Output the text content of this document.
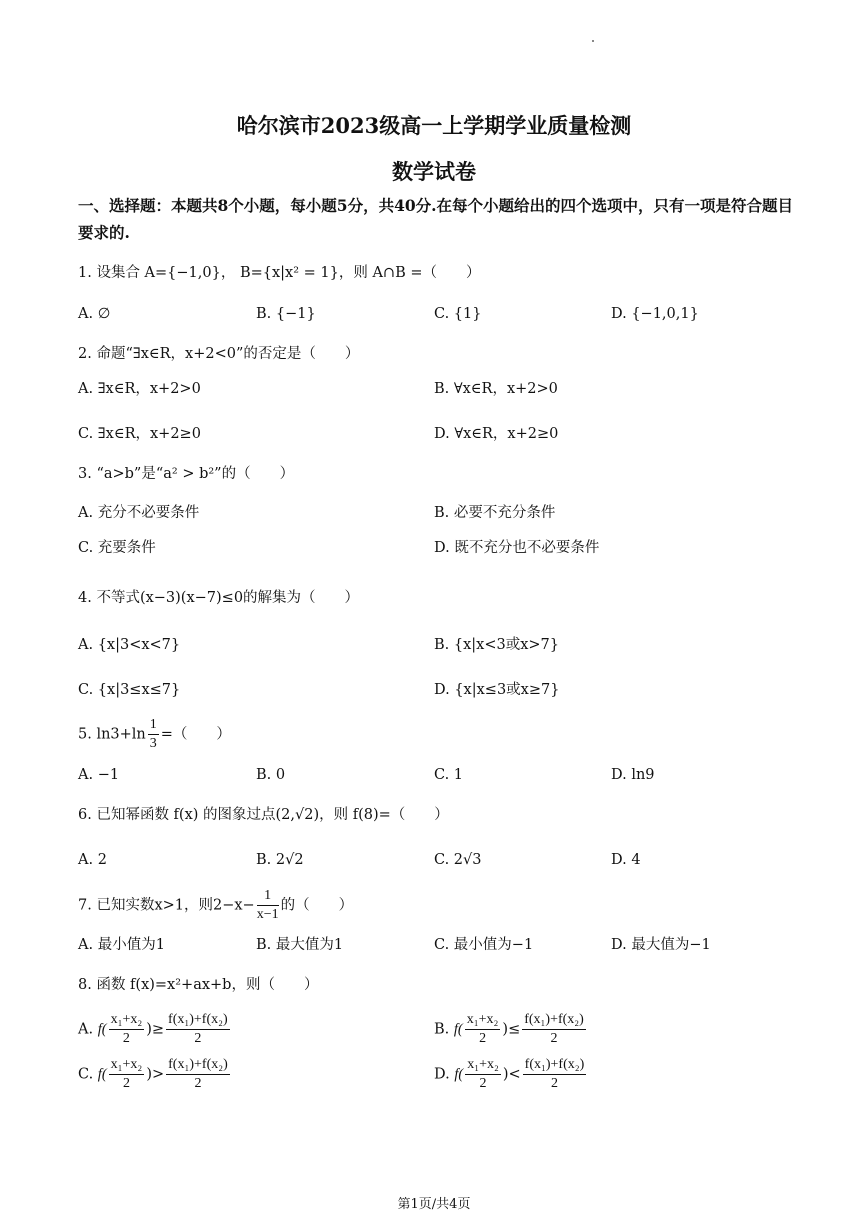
哈尔滨市2023级高一上学期学业质量检测
数学试卷
一、选择题：本题共8个小题，每小题5分，共40分.在每个小题给出的四个选项中，只有一项是符合题目要求的.
1. 设集合 A={−1,0}， B={x|x² = 1}，则 A∩B =（　　）
A. ∅	B. {−1}	C. {1}	D. {−1,0,1}
2. 命题“∃x∈R，x+2<0”的否定是（　　）
A. ∃x∈R，x+2>0	B. ∀x∈R，x+2>0
C. ∃x∈R，x+2≥0	D. ∀x∈R，x+2≥0
3. “a>b”是“a² > b²”的（　　）
A. 充分不必要条件	B. 必要不充分条件
C. 充要条件	D. 既不充分也不必要条件
4. 不等式(x−3)(x−7)≤0的解集为（　　）
A. {x|3<x<7}	B. {x|x<3或x>7}
C. {x|3≤x≤7}	D. {x|x≤3或x≥7}
5. $\ln 3+\ln \frac{1}{3}$ =（　　）
A. −1	B. 0	C. 1	D. ln9
6. 已知幂函数 f(x) 的图象过点(2,√2)，则 f(8)=（　　）
A. 2	B. 2√2	C. 2√3	D. 4
7. 已知实数x>1，则$2-x- \frac{1}{x-1}$ 的（　　）
A. 最小值为1	B. 最大值为1	C. 最小值为−1	D. 最大值为−1
8. 函数 f(x)=x²+ax+b，则（　　）
A. $f( \frac{\text{x₁+x₂}}{2}$ )≥ $\frac{\text{f(x₁)+f(x₂)}}{2}$	B. $f( \frac{\text{x₁+x₂}}{2}$ )≤ $\frac{\text{f(x₁)+f(x₂)}}{2}$
C. $f( \frac{\text{x₁+x₂}}{2}$ )> $\frac{\text{f(x₁)+f(x₂)}}{2}$	D. $f( \frac{\text{x₁+x₂}}{2}$ )< $\frac{\text{f(x₁)+f(x₂)}}{2}$
第1页/共4页
